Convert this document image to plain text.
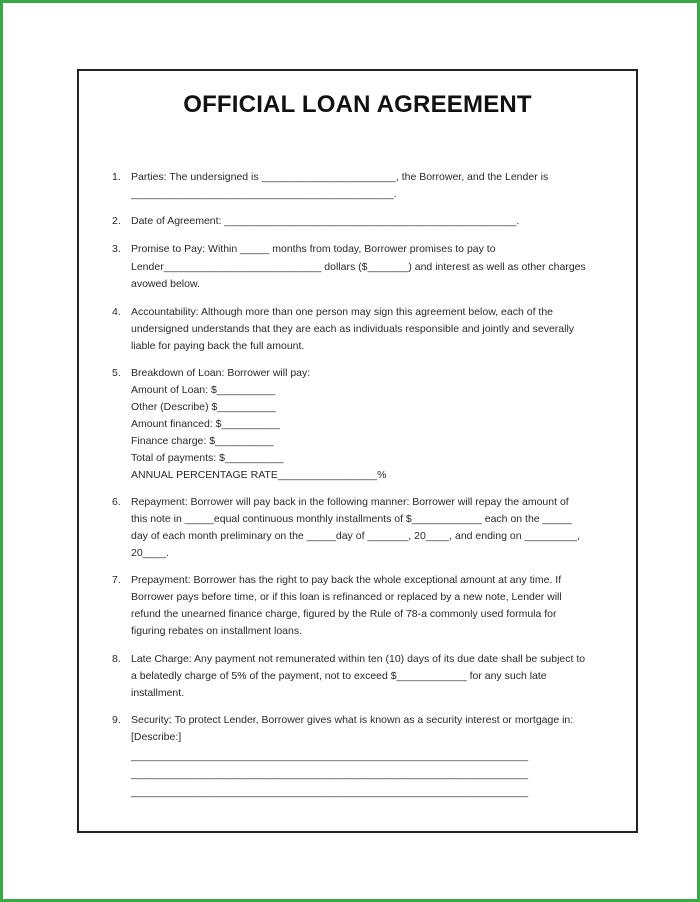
OFFICIAL LOAN AGREEMENT
1. Parties: The undersigned is _______________________, the Borrower, and the Lender is
_____________________________________________.
2. Date of Agreement: __________________________________________________.
3. Promise to Pay: Within _____ months from today, Borrower promises to pay to
Lender___________________________ dollars ($_______) and interest as well as other charges
avowed below.
4. Accountability: Although more than one person may sign this agreement below, each of the
undersigned understands that they are each as individuals responsible and jointly and severally
liable for paying back the full amount.
5. Breakdown of Loan: Borrower will pay:
Amount of Loan: $__________
Other (Describe) $__________
Amount financed: $__________
Finance charge: $__________
Total of payments: $__________
ANNUAL PERCENTAGE RATE_________________%
6. Repayment: Borrower will pay back in the following manner: Borrower will repay the amount of
this note in _____equal continuous monthly installments of $____________ each on the _____
day of each month preliminary on the _____day of _______, 20____, and ending on _________,
20____.
7. Prepayment: Borrower has the right to pay back the whole exceptional amount at any time. If
Borrower pays before time, or if this loan is refinanced or replaced by a new note, Lender will
refund the unearned finance charge, figured by the Rule of 78-a commonly used formula for
figuring rebates on installment loans.
8. Late Charge: Any payment not remunerated within ten (10) days of its due date shall be subject to
a belatedly charge of 5% of the payment, not to exceed $____________ for any such late
installment.
9. Security: To protect Lender, Borrower gives what is known as a security interest or mortgage in:
[Describe:]
____________________________________________________________________
____________________________________________________________________
____________________________________________________________________
